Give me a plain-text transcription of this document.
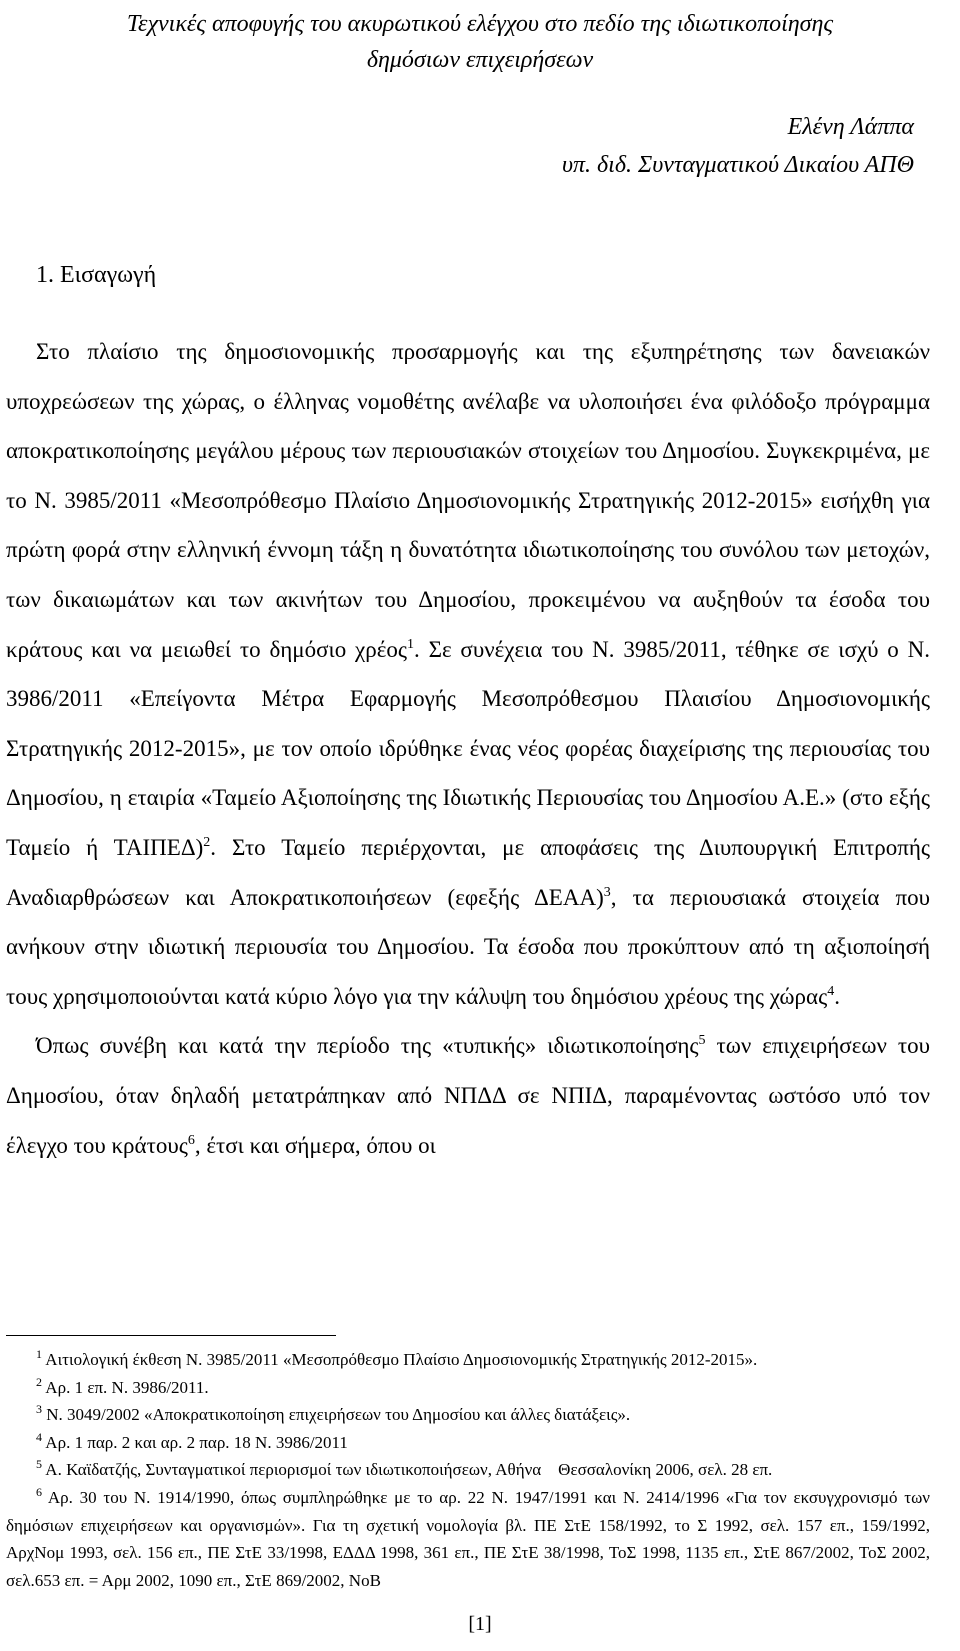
Τεχνικές αποφυγής του ακυρωτικού ελέγχου στο πεδίο της ιδιωτικοποίησης
δημόσιων επιχειρήσεων
Ελένη Λάππα
υπ. διδ. Συνταγματικού Δικαίου ΑΠΘ
1. Εισαγωγή

Στο πλαίσιο της δημοσιονομικής προσαρμογής και της εξυπηρέτησης των δανειακών υποχρεώσεων της χώρας, ο έλληνας νομοθέτης ανέλαβε να υλοποιήσει ένα φιλόδοξο πρόγραμμα αποκρατικοποίησης μεγάλου μέρους των περιουσιακών στοιχείων του Δημοσίου. Συγκεκριμένα, με το Ν. 3985/2011 «Μεσοπρόθεσμο Πλαίσιο Δημοσιονομικής Στρατηγικής 2012-2015» εισήχθη για πρώτη φορά στην ελληνική έννομη τάξη η δυνατότητα ιδιωτικοποίησης του συνόλου των μετοχών, των δικαιωμάτων και των ακινήτων του Δημοσίου, προκειμένου να αυξηθούν τα έσοδα του κράτους και να μειωθεί το δημόσιο χρέος$^1$. Σε συνέχεια του Ν. 3985/2011, τέθηκε σε ισχύ ο Ν. 3986/2011 «Επείγοντα Μέτρα Εφαρμογής Μεσοπρόθεσμου Πλαισίου Δημοσιονομικής Στρατηγικής 2012-2015», με τον οποίο ιδρύθηκε ένας νέος φορέας διαχείρισης της περιουσίας του Δημοσίου, η εταιρία «Ταμείο Αξιοποίησης της Ιδιωτικής Περιουσίας του Δημοσίου Α.Ε.» (στο εξής Ταμείο ή ΤΑΙΠΕΔ)$^2$. Στο Ταμείο περιέρχονται, με αποφάσεις της Διυπουργική Επιτροπής Αναδιαρθρώσεων και Αποκρατικοποιήσεων (εφεξής ΔΕΑΑ)$^3$, τα περιουσιακά στοιχεία που ανήκουν στην ιδιωτική περιουσία του Δημοσίου. Τα έσοδα που προκύπτουν από τη αξιοποίησή τους χρησιμοποιούνται κατά κύριο λόγο για την κάλυψη του δημόσιου χρέους της χώρας$^4$.

Όπως συνέβη και κατά την περίοδο της «τυπικής» ιδιωτικοποίησης$^5$ των επιχειρήσεων του Δημοσίου, όταν δηλαδή μετατράπηκαν από ΝΠΔΔ σε ΝΠΙΔ, παραμένοντας ωστόσο υπό τον έλεγχο του κράτους$^6$, έτσι και σήμερα, όπου οι

$^1$ Αιτιολογική έκθεση Ν. 3985/2011 «Μεσοπρόθεσμο Πλαίσιο Δημοσιονομικής Στρατηγικής 2012-2015».

$^2$ Αρ. 1 επ. Ν. 3986/2011.

$^3$ Ν. 3049/2002 «Αποκρατικοποίηση επιχειρήσεων του Δημοσίου και άλλες διατάξεις».

$^4$ Αρ. 1 παρ. 2 και αρ. 2 παρ. 18 Ν. 3986/2011

$^5$ Α. Καϊδατζής, Συνταγματικοί περιορισμοί των ιδιωτικοποιήσεων, Αθήνα    Θεσσαλονίκη 2006, σελ. 28 επ.

$^6$ Αρ. 30 του Ν. 1914/1990, όπως συμπληρώθηκε με το αρ. 22 Ν. 1947/1991 και Ν. 2414/1996 «Για τον εκσυγχρονισμό των δημόσιων επιχειρήσεων και οργανισμών». Για τη σχετική νομολογία βλ. ΠΕ ΣτΕ 158/1992, το Σ 1992, σελ. 157 επ., 159/1992, ΑρχΝομ 1993, σελ. 156 επ., ΠΕ ΣτΕ 33/1998, ΕΔΔΔ 1998, 361 επ., ΠΕ ΣτΕ 38/1998, ΤοΣ 1998, 1135 επ., ΣτΕ 867/2002, ΤοΣ 2002, σελ.653 επ. = Αρμ 2002, 1090 επ., ΣτΕ 869/2002, ΝοΒ

[1]
